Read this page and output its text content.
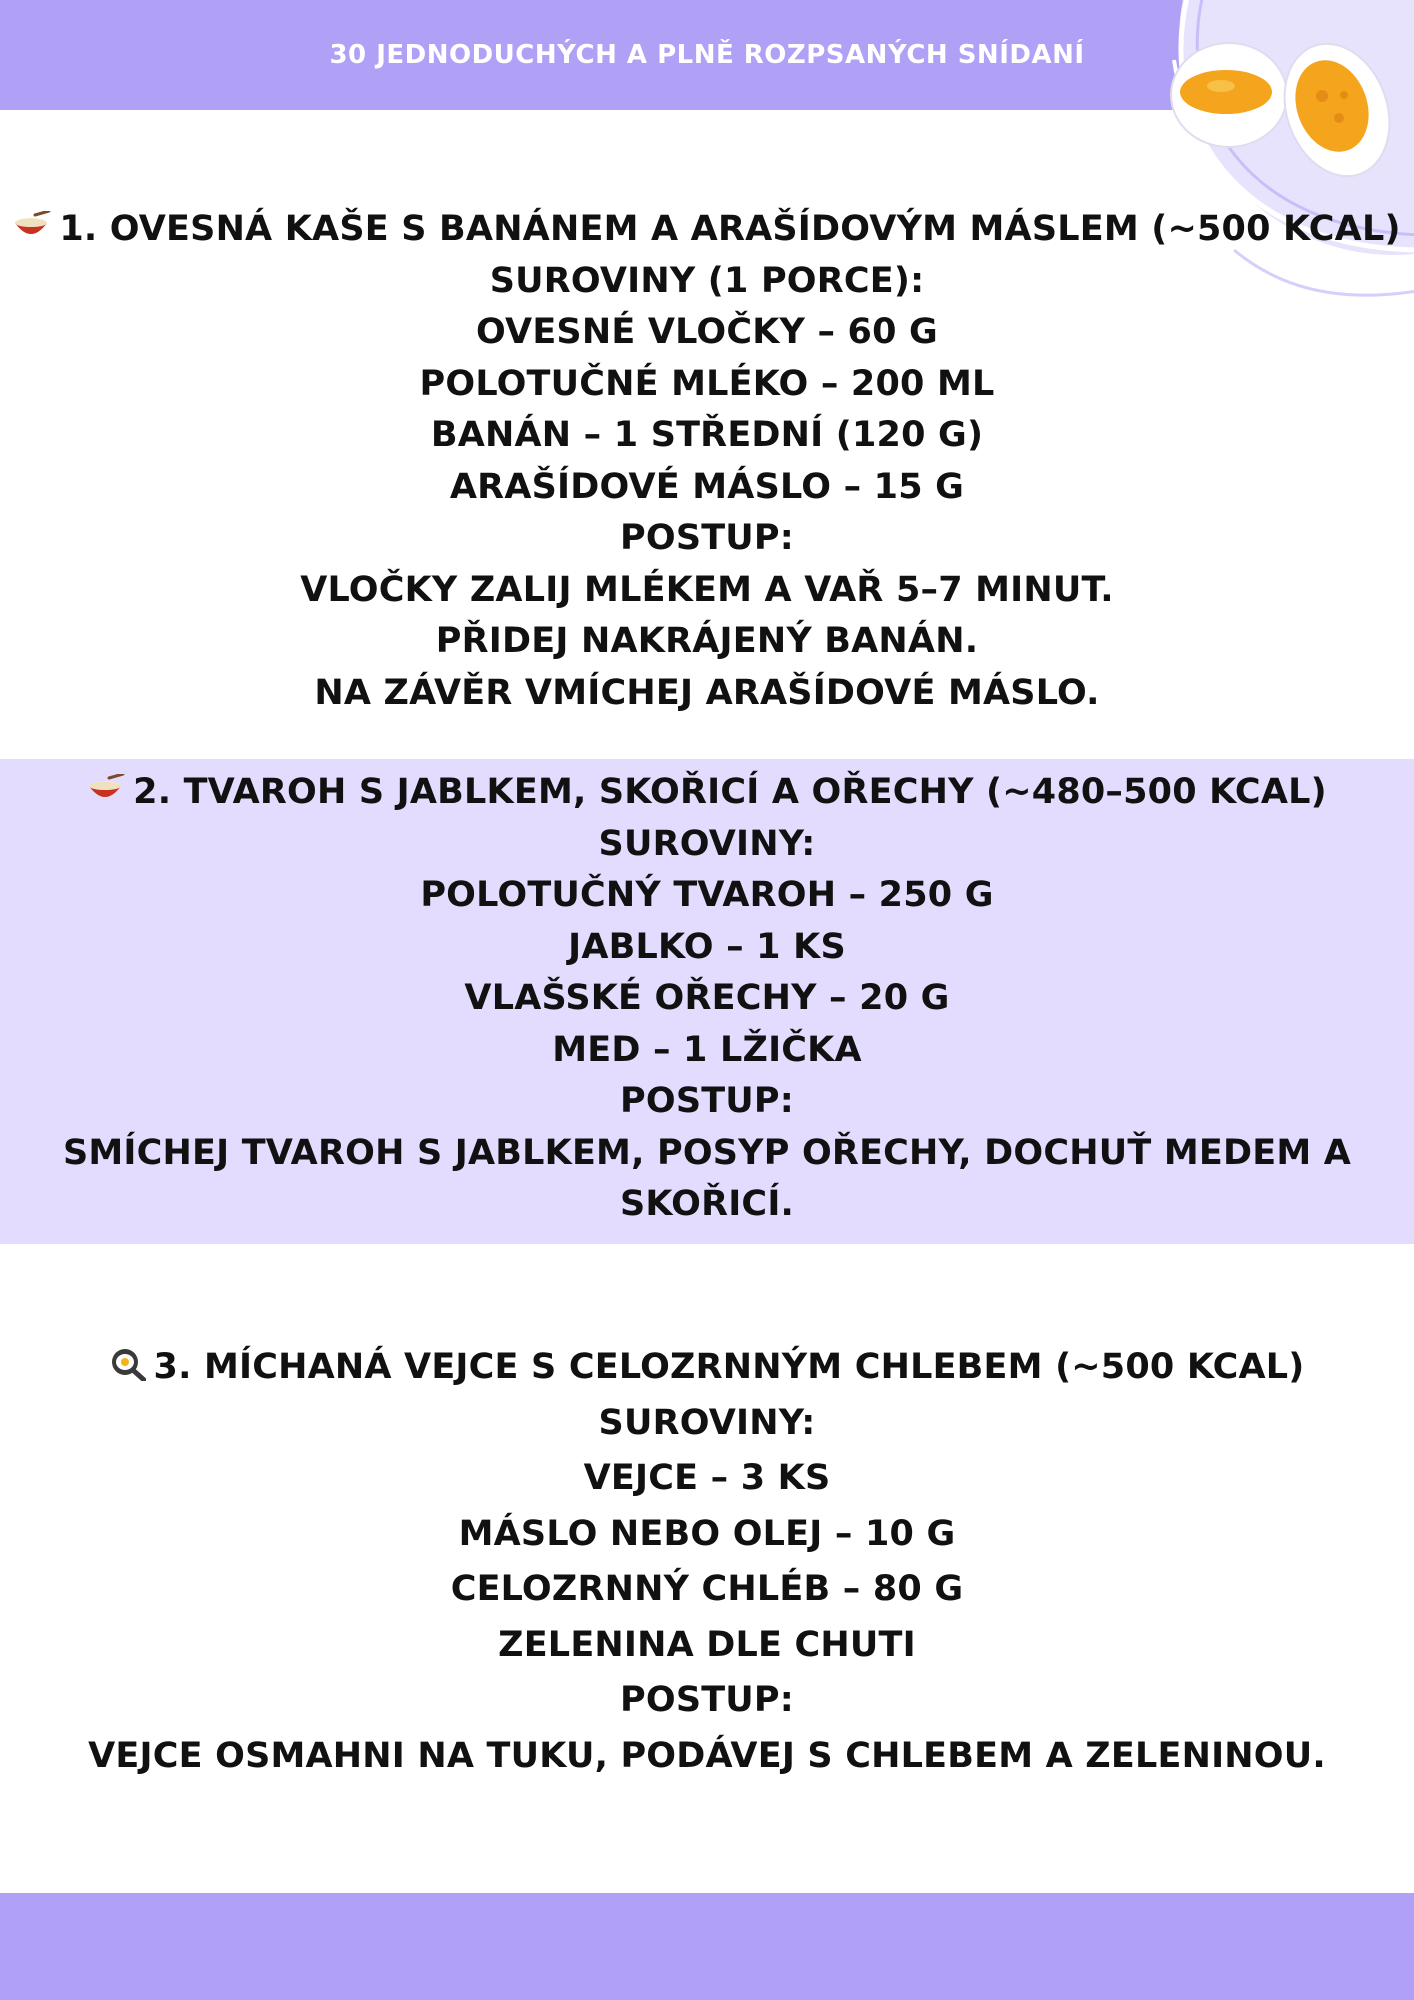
30 JEDNODUCHÝCH A PLNĚ ROZPSANÝCH SNÍDANÍ
1. OVESNÁ KAŠE S BANÁNEM A ARAŠÍDOVÝM MÁSLEM (~500 KCAL)
SUROVINY (1 PORCE):
OVESNÉ VLOČKY – 60 G
POLOTUČNÉ MLÉKO – 200 ML
BANÁN – 1 STŘEDNÍ (120 G)
ARAŠÍDOVÉ MÁSLO – 15 G
POSTUP:
VLOČKY ZALIJ MLÉKEM A VAŘ 5–7 MINUT.
PŘIDEJ NAKRÁJENÝ BANÁN.
NA ZÁVĚR VMÍCHEJ ARAŠÍDOVÉ MÁSLO.
2. TVAROH S JABLKEM, SKOŘICÍ A OŘECHY (~480–500 KCAL)
SUROVINY:
POLOTUČNÝ TVAROH – 250 G
JABLKO – 1 KS
VLAŠSKÉ OŘECHY – 20 G
MED – 1 LŽIČKA
POSTUP:
SMÍCHEJ TVAROH S JABLKEM, POSYP OŘECHY, DOCHUŤ MEDEM A SKOŘICÍ.
3. MÍCHANÁ VEJCE S CELOZRNNÝM CHLEBEM (~500 KCAL)
SUROVINY:
VEJCE – 3 KS
MÁSLO NEBO OLEJ – 10 G
CELOZRNNÝ CHLÉB – 80 G
ZELENINA DLE CHUTI
POSTUP:
VEJCE OSMAHNI NA TUKU, PODÁVEJ S CHLEBEM A ZELENINOU.
